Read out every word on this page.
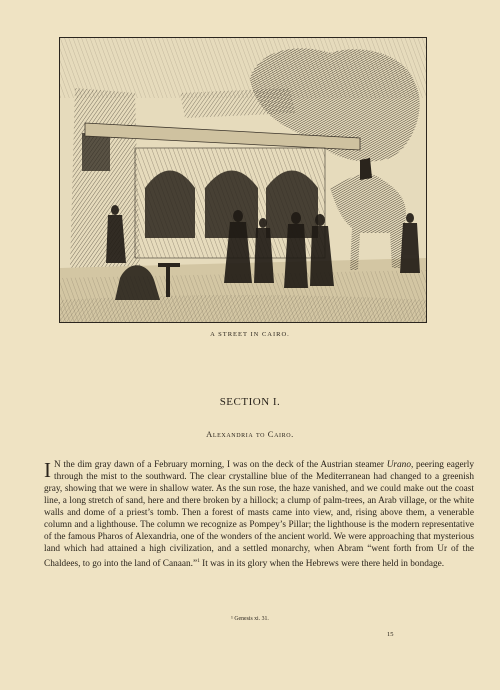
A STREET IN CAIRO.
SECTION I.
Alexandria to Cairo.

I N the dim gray dawn of a February morning, I was on the deck of the Austrian steamer Urano, peering eagerly through the mist to the southward. The clear crystalline blue of the Mediterranean had changed to a greenish gray, showing that we were in shallow water. As the sun rose, the haze vanished, and we could make out the coast line, a long stretch of sand, here and there broken by a hillock; a clump of palm-trees, an Arab village, or the white walls and dome of a priest’s tomb. Then a forest of masts came into view, and, rising above them, a venerable column and a lighthouse. The column we recognize as Pompey’s Pillar; the lighthouse is the modern representative of the famous Pharos of Alexandria, one of the wonders of the ancient world. We were approaching that mysterious land which had attained a high civilization, and a settled monarchy, when Abram “went forth from Ur of the Chaldees, to go into the land of Canaan.”$^1$ It was in its glory when the Hebrews were there held in bondage.

¹ Genesis xi. 31.
15
